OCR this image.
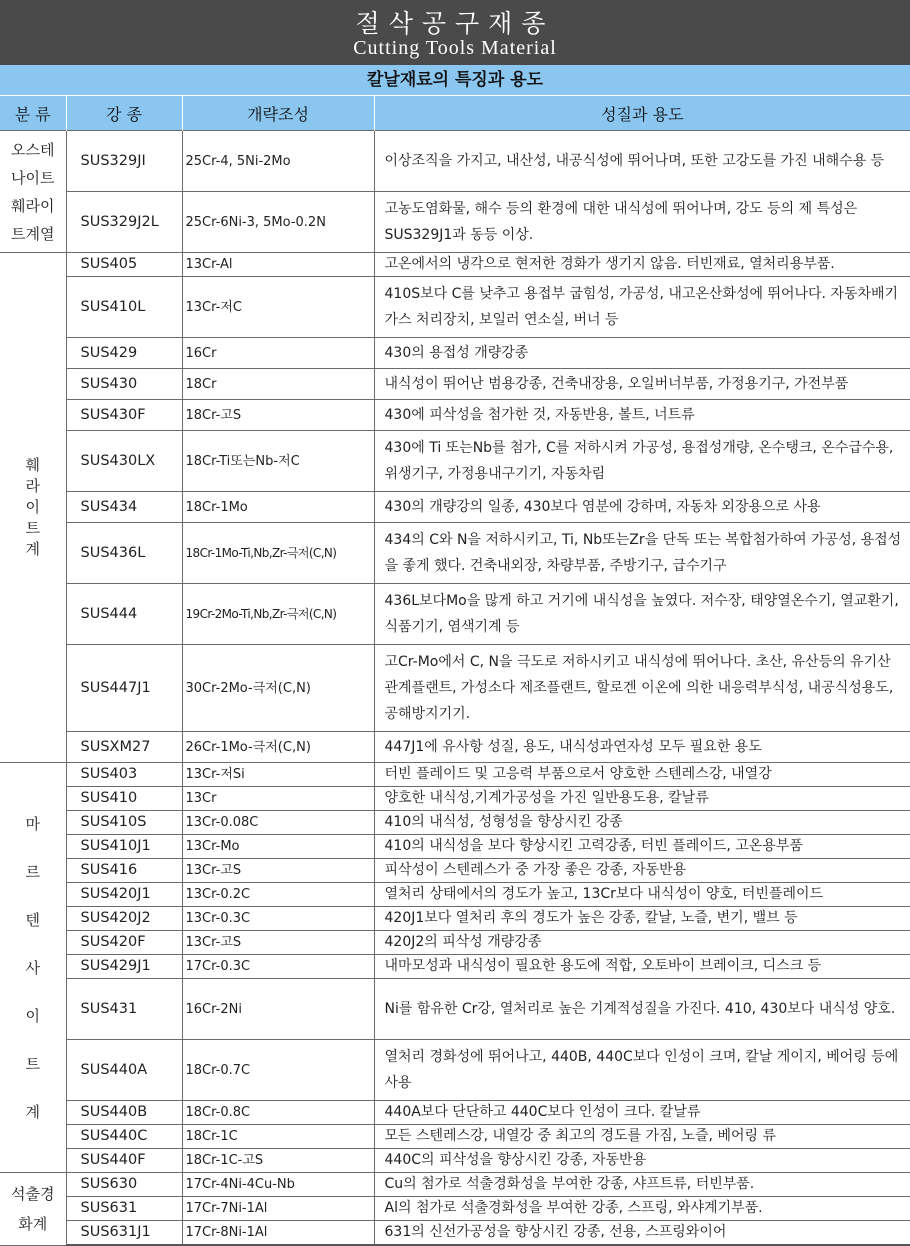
절삭공구재종
Cutting Tools Material
칼날재료의 특징과 용도
분 류	강 종	개략조성	성질과 용도
오스테나이트훼라이트계열	SUS329JI	25Cr-4, 5Ni-2Mo	이상조직을 가지고, 내산성, 내공식성에 뛰어나며, 또한 고강도를 가진 내해수용 등
	SUS329J2L	25Cr-6Ni-3, 5Mo-0.2N	고농도염화물, 해수 등의 환경에 대한 내식성에 뛰어나며, 강도 등의 제 특성은SUS329J1과 동등 이상.
훼라이트계	SUS405	13Cr-Al	고온에서의 냉각으로 현저한 경화가 생기지 않음. 터빈재료, 열처리용부품.
	SUS410L	13Cr-저C	410S보다 C를 낮추고 용접부 굽힘성, 가공성, 내고온산화성에 뛰어나다. 자동차배기가스 처리장치, 보일러 연소실, 버너 등
	SUS429	16Cr	430의 용접성 개량강종
	SUS430	18Cr	내식성이 뛰어난 범용강종, 건축내장용, 오일버너부품, 가정용기구, 가전부품
	SUS430F	18Cr-고S	430에 피삭성을 첨가한 것, 자동반용, 볼트, 너트류
	SUS430LX	18Cr-Ti또는Nb-저C	430에 Ti 또는Nb를 첨가, C를 저하시켜 가공성, 용접성개량, 온수탱크, 온수급수용, 위생기구, 가정용내구기기, 자동차림
	SUS434	18Cr-1Mo	430의 개량강의 일종, 430보다 염분에 강하며, 자동차 외장용으로 사용
	SUS436L	18Cr-1Mo-Ti,Nb,Zr-극저(C,N)	434의 C와 N을 저하시키고, Ti, Nb또는Zr을 단독 또는 복합첨가하여 가공성, 용접성을 좋게 했다. 건축내외장, 차량부품, 주방기구, 급수기구
	SUS444	19Cr-2Mo-Ti,Nb,Zr-극저(C,N)	436L보다Mo을 많게 하고 거기에 내식성을 높였다. 저수장, 태양열온수기, 열교환기, 식품기기, 염색기계 등
	SUS447J1	30Cr-2Mo-극저(C,N)	고Cr-Mo에서 C, N을 극도로 저하시키고 내식성에 뛰어나다. 초산, 유산등의 유기산 관계플랜트, 가성소다 제조플랜트, 할로겐 이온에 의한 내응력부식성, 내공식성용도, 공해방지기기.
	SUSXM27	26Cr-1Mo-극저(C,N)	447J1에 유사항 성질, 용도, 내식성과연자성 모두 필요한 용도
마르텐사이트계	SUS403	13Cr-저Si	터빈 플레이드 및 고응력 부품으로서 양호한 스텐레스강, 내열강
	SUS410	13Cr	양호한 내식성,기계가공성을 가진 일반용도용, 칼날류
	SUS410S	13Cr-0.08C	410의 내식성, 성형성을 향상시킨 강종
	SUS410J1	13Cr-Mo	410의 내식성을 보다 향상시킨 고력강종, 터빈 플레이드, 고온용부품
	SUS416	13Cr-고S	피삭성이 스텐레스가 중 가장 좋은 강종, 자동반용
	SUS420J1	13Cr-0.2C	열처리 상태에서의 경도가 높고, 13Cr보다 내식성이 양호, 터빈플레이드
	SUS420J2	13Cr-0.3C	420J1보다 열처리 후의 경도가 높은 강종, 칼날, 노즐, 변기, 밸브 등
	SUS420F	13Cr-고S	420J2의 피삭성 개량강종
	SUS429J1	17Cr-0.3C	내마모성과 내식성이 필요한 용도에 적합, 오토바이 브레이크, 디스크 등
	SUS431	16Cr-2Ni	Ni를 함유한 Cr강, 열처리로 높은 기계적성질을 가진다. 410, 430보다 내식성 양호.
	SUS440A	18Cr-0.7C	열처리 경화성에 뛰어나고, 440B, 440C보다 인성이 크며, 칼날 게이지, 베어링 등에 사용
	SUS440B	18Cr-0.8C	440A보다 단단하고 440C보다 인성이 크다. 칼날류
	SUS440C	18Cr-1C	모든 스텐레스강, 내열강 중 최고의 경도를 가짐, 노즐, 베어링 류
	SUS440F	18Cr-1C-고S	440C의 피삭성을 향상시킨 강종, 자동반용
석출경화계	SUS630	17Cr-4Ni-4Cu-Nb	Cu의 첨가로 석출경화성을 부여한 강종, 샤프트류, 터빈부품.
	SUS631	17Cr-7Ni-1Al	Al의 첨가로 석출경화성을 부여한 강종, 스프링, 와샤계기부품.
	SUS631J1	17Cr-8Ni-1Al	631의 신선가공성을 향상시킨 강종, 선용, 스프링와이어
